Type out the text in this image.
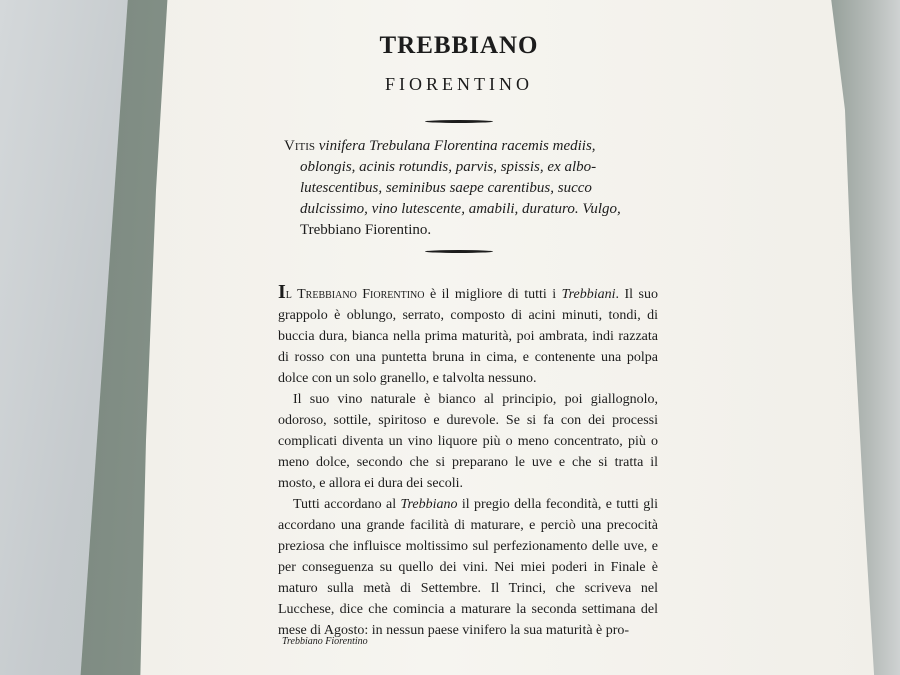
TREBBIANO
FIORENTINO

Vitis vinifera Trebulana Florentina racemis mediis, oblongis, acinis rotundis, parvis, spissis, ex albo-lutescentibus, seminibus saepe carentibus, succo dulcissimo, vino lutescente, amabili, duraturo. Vulgo, Trebbiano Fiorentino.

Il Trebbiano Fiorentino è il migliore di tutti i Trebbiani. Il suo grappolo è oblungo, serrato, composto di acini minuti, tondi, di buccia dura, bianca nella prima maturità, poi ambrata, indi razzata di rosso con una puntetta bruna in cima, e contenente una polpa dolce con un solo granello, e talvolta nessuno.

Il suo vino naturale è bianco al principio, poi giallognolo, odoroso, sottile, spiritoso e durevole. Se si fa con dei processi complicati diventa un vino liquore più o meno concentrato, più o meno dolce, secondo che si preparano le uve e che si tratta il mosto, e allora ei dura dei secoli.

Tutti accordano al Trebbiano il pregio della fecondità, e tutti gli accordano una grande facilità di maturare, e perciò una precocità preziosa che influisce moltissimo sul perfezionamento delle uve, e per conseguenza su quello dei vini. Nei miei poderi in Finale è maturo sulla metà di Settembre. Il Trinci, che scriveva nel Lucchese, dice che comincia a maturare la seconda settimana del mese di Agosto: in nessun paese vinifero la sua maturità è pro-

Trebbiano Fiorentino
